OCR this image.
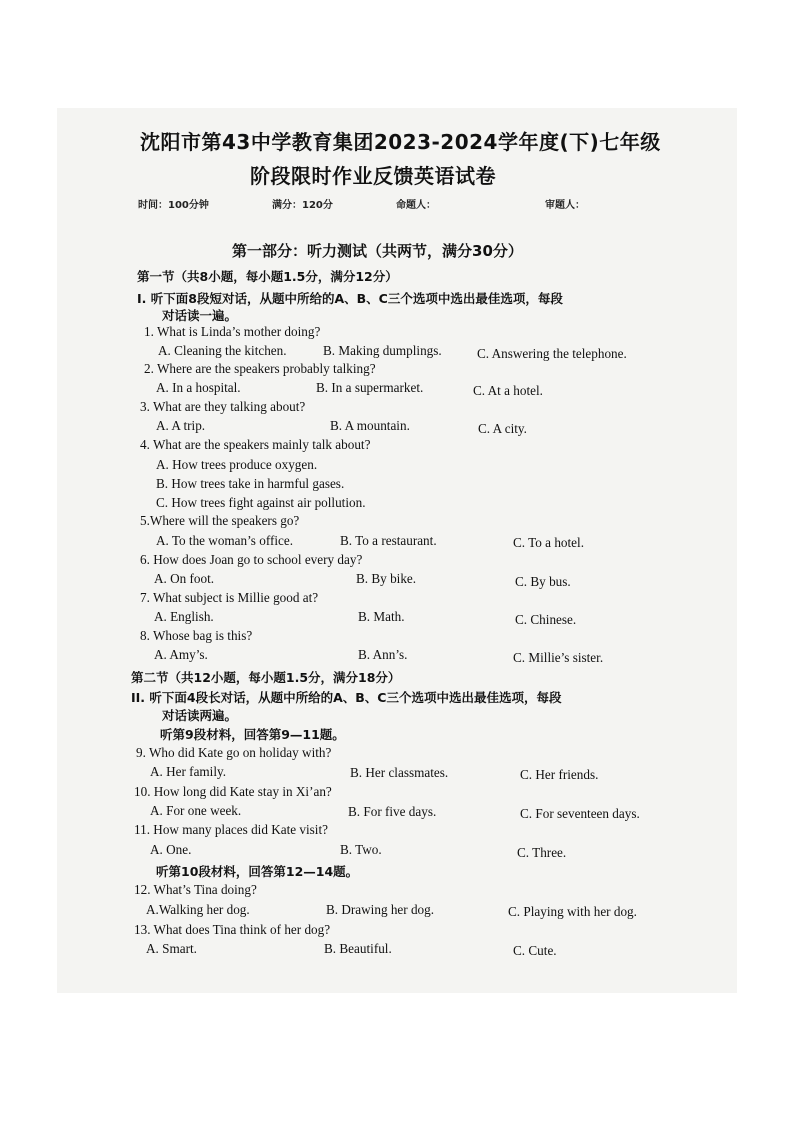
沈阳市第43中学教育集团2023-2024学年度(下)七年级
阶段限时作业反馈英语试卷
时间：100分钟	满分：120分	命题人：	审题人：
第一部分：听力测试（共两节，满分30分）
第一节（共8小题，每小题1.5分，满分12分）
I. 听下面8段短对话，从题中所给的A、B、C三个选项中选出最佳选项，每段
对话读一遍。
1. What is Linda’s mother doing?
A. Cleaning the kitchen.	B. Making dumplings.	C. Answering the telephone.
2. Where are the speakers probably talking?
A. In a hospital.	B. In a supermarket.	C. At a hotel.
3. What are they talking about?
A. A trip.	B. A mountain.	C. A city.
4. What are the speakers mainly talk about?
A. How trees produce oxygen.
B. How trees take in harmful gases.
C. How trees fight against air pollution.
5.Where will the speakers go?
A. To the woman’s office.	B. To a restaurant.	C. To a hotel.
6. How does Joan go to school every day?
A. On foot.	B. By bike.	C. By bus.
7. What subject is Millie good at?
A. English.	B. Math.	C. Chinese.
8. Whose bag is this?
A. Amy’s.	B. Ann’s.	C. Millie’s sister.
第二节（共12小题，每小题1.5分，满分18分）
II. 听下面4段长对话，从题中所给的A、B、C三个选项中选出最佳选项，每段
对话读两遍。
听第9段材料，回答第9—11题。
9. Who did Kate go on holiday with?
A. Her family.	B. Her classmates.	C. Her friends.
10. How long did Kate stay in Xi’an?
A. For one week.	B. For five days.	C. For seventeen days.
11. How many places did Kate visit?
A. One.	B. Two.	C. Three.
听第10段材料，回答第12—14题。
12. What’s Tina doing?
A.Walking her dog.	B. Drawing her dog.	C. Playing with her dog.
13. What does Tina think of her dog?
A. Smart.	B. Beautiful.	C. Cute.
